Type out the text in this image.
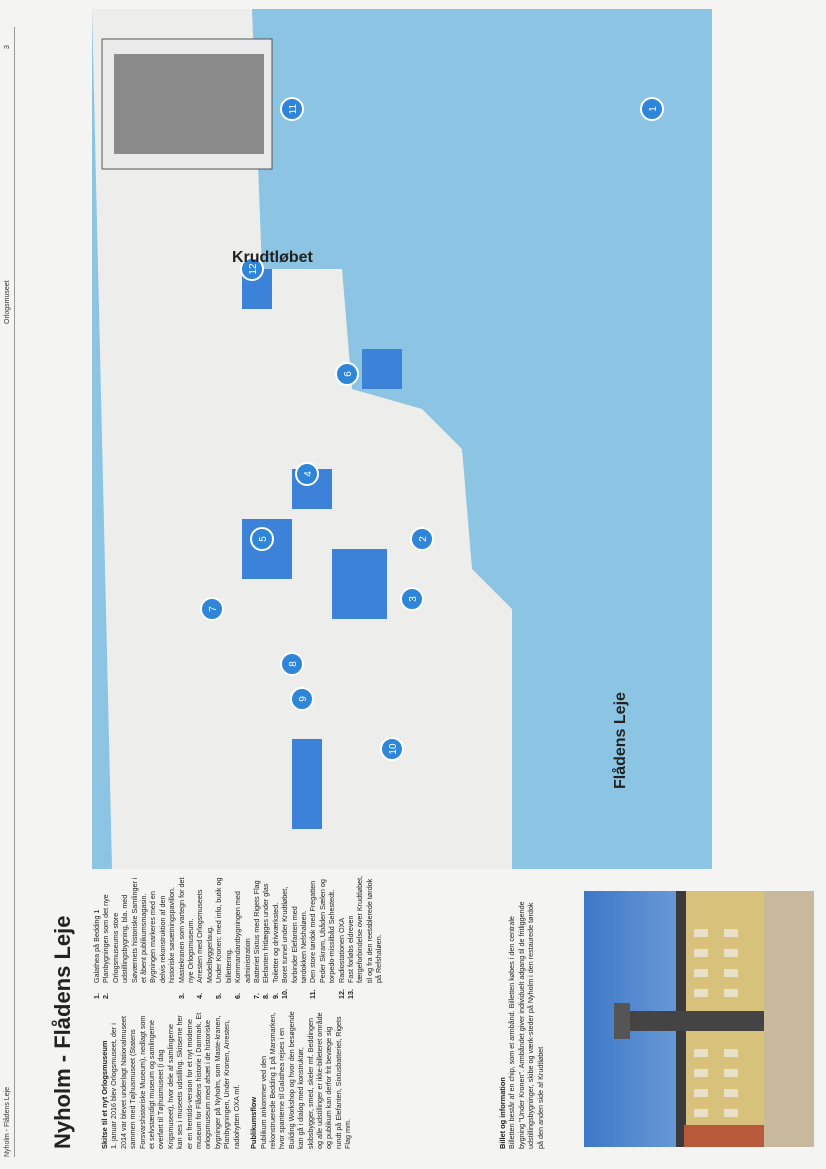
Nyholm - Flådens Leje
Orlogsmuseet
3
Nyholm - Flådens Leje	Skitse til et nyt Orlogsmuseum 1. januar 2016 blev Orlogsmuseet, der i 2014 var blevet underlagt Nationalmuseet sammen med Tøjhusmuseet (Statens Forsvarshistoriske Museum), nedlagt som et selvstændigt museum og samlingerne overført til Tøjhusmuseet (i dag Krigsmuseet), hvor dele af samlingerne kan ses i museets udstilling. Skitserne her er en fremtids-version for et nyt moderne museum for Flådens historie i Danmark. Et orlogsmuseum med afsæt i de historiske bygninger på Nyholm, som Maste-kranen, Planbygningen, Under Kronen, Arresten, radiohytten OXA mf. Publikumsflow Publikum ankommer ved den rekonstruerede Bedding 1 på Marsmarken, hvor spanterne til Galathea rejses i en Building Workshop og hvor den besøgende kan gå i dialog med konstruktør, skibsbygger, smed, skeler mf. Beddingen og alle udstillinger er ikke-billeteret område og publikum kan derfor frit bevæge sig rundt på Elefanten, Sixtusbatteriet, Rigets Flag mm.

1.
Galathea på Bedding 1
2.
Planbygningen som det nye Orlogsmuseums store udstillingsbygning, bla. med Søværnets historiske Samlinger i et åbent publikumsmagasin. Bygningen markeres med en delvis rekonstruktion af den historiske søsætningspavillon.
3.
Mastekranen som vartegn for det nye Orlogsmuseum.
4.
Arresten med Orlogsmuseets Modelbyggerlaug.
5.
Under Kronen: med info, butik og billettering.
6.
Kommandantbygningen med administration
7.
Batteriet Sixtus med Rigets Flag
8.
Elefanten fritlægges under glas
9.
Toiletter og drivværksted.
10.
Boret tunnel under Krudtløbet, forbinder Elefanten med tørdokken Nefshaløen.
11.
Den store tørdok med Fregatten Peder Skram, Ubåden Sælen og torpedo-missilbåd Sehestedt.
12.
Radiostationen OXA
13.
Fast forløbs eldreven færgeforbindelse over Krudtløbet, til og fra den reetablerede tørdok på Refshaløen.
1
2
3
4
5
6
7
8
9
10
11
12
Krudtløbet
Flådens Leje
Billet og information Billetten består af en chip, som et armbånd. Billetten købes i den centrale bygning "Under Kronen". Armbåndet giver individuelt adgang til de fritliggende udstillingsbygninger, skibe og værk-steder på Nyholm i den restaurede tørdok på den anden side af Krudtløbet
